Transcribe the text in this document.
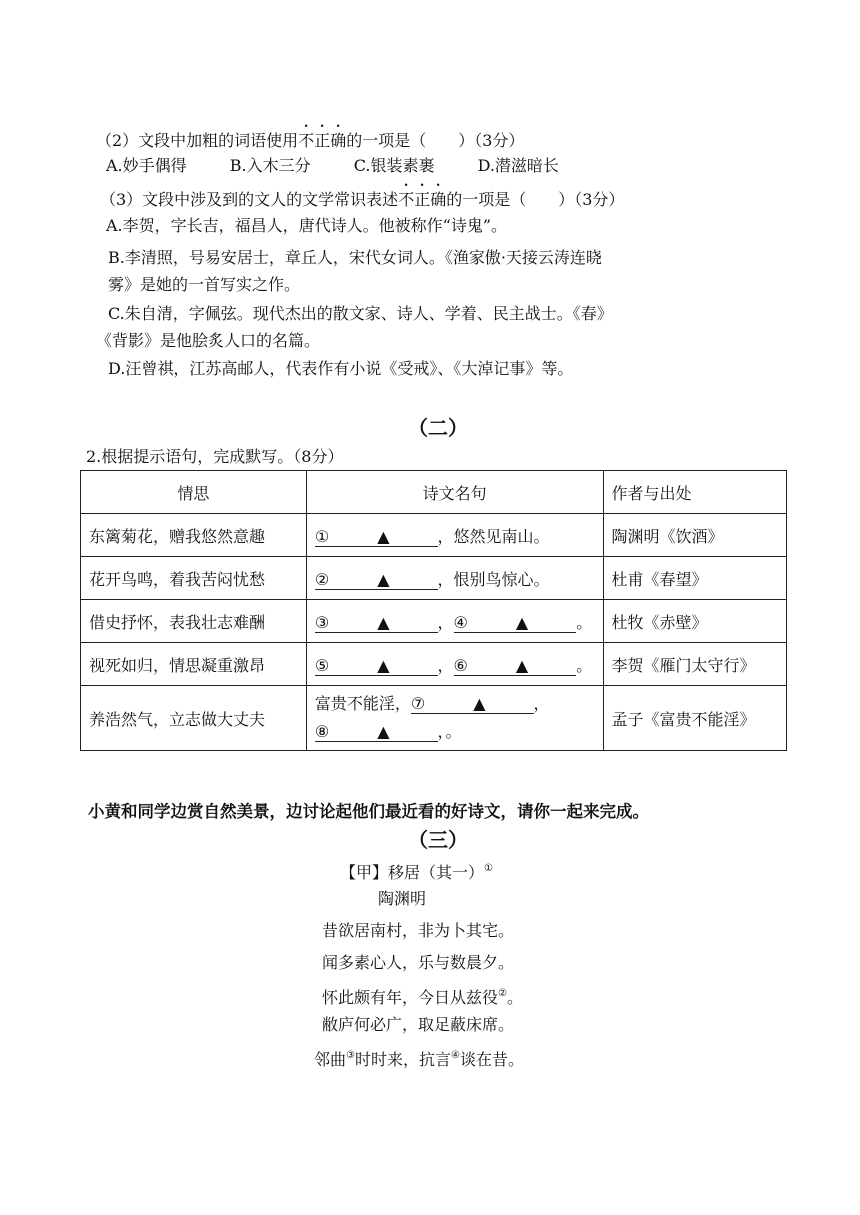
（2）文段中加粗的词语使用不正确的一项是（　　）（3分）
A.妙手偶得	B.入木三分	C.银装素裹	D.潜滋暗长
（3）文段中涉及到的文人的文学常识表述不正确的一项是（　　）（3分）
A.李贺，字长吉，福昌人，唐代诗人。他被称作“诗鬼”。
B.李清照，号易安居士，章丘人，宋代女词人。《渔家傲·天接云涛连晓
雾》是她的一首写实之作。
C.朱自清，字佩弦。现代杰出的散文家、诗人、学着、民主战士。《春》
《背影》是他脍炙人口的名篇。
D.汪曾祺，江苏高邮人，代表作有小说《受戒》、《大淖记事》等。
（二）
2.根据提示语句，完成默写。（8分）
情思	诗文名句	作者与出处
东篱菊花，赠我悠然意趣	①　　　▲　　　，悠然见南山。	陶渊明《饮酒》
花开鸟鸣，着我苦闷忧愁	②　　　▲　　　，恨别鸟惊心。	杜甫《春望》
借史抒怀，表我壮志难酬	③　　　▲　　　，④　　　▲　　　。	杜牧《赤壁》
视死如归，情思凝重激昂	⑤　　　▲　　　，⑥　　　▲　　　。	李贺《雁门太守行》
养浩然气，立志做大丈夫	富贵不能淫，⑦　　　▲　　　，
⑧　　　▲　　　，。	孟子《富贵不能淫》
小黄和同学边赏自然美景，边讨论起他们最近看的好诗文，请你一起来完成。
（三）
【甲】移居（其一）①
陶渊明
昔欲居南村，非为卜其宅。
闻多素心人，乐与数晨夕。
怀此颇有年，今日从兹役②。
敝庐何必广，取足蔽床席。
邻曲③时时来，抗言④谈在昔。
